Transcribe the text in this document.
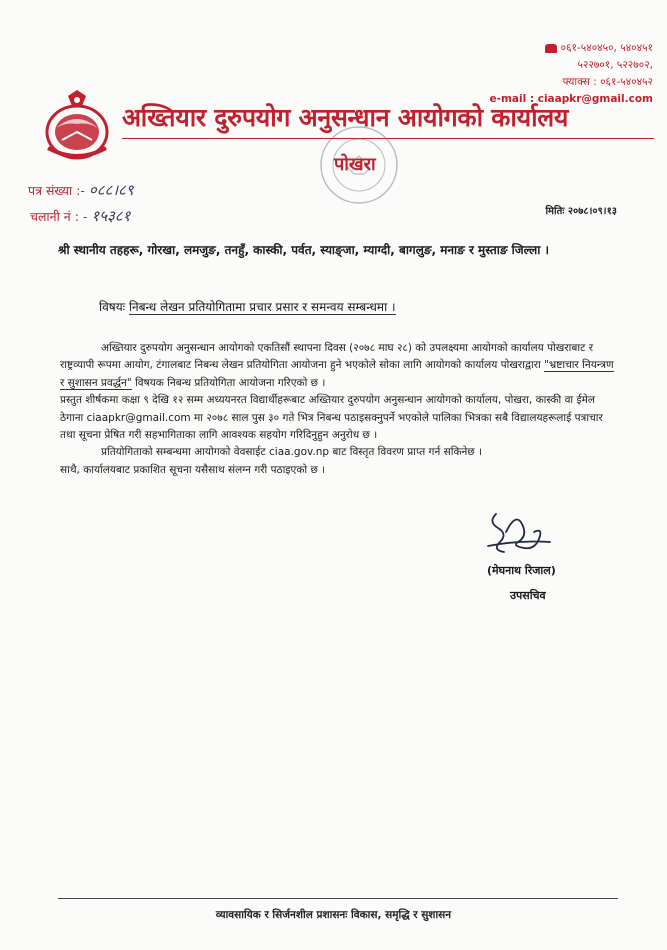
०६१-५४०४५०, ५४०४५१
५२२७०१, ५२२७०२,
फ्याक्स : ०६१-५४०४५२
e-mail : ciaapkr@gmail.com
अख्तियार दुरुपयोग अनुसन्धान आयोगको कार्यालय
पोखरा
पत्र संख्या :- ०८८।८९
चलानी नं : - १५३८१	मितिः २०७८।०९।१३
श्री स्थानीय तहहरू, गोरखा, लमजुङ, तनहुँ, कास्की, पर्वत, स्याङ्जा, म्याग्दी, बागलुङ, मनाङ र मुस्ताङ जिल्ला ।
विषयः निबन्ध लेखन प्रतियोगितामा प्रचार प्रसार र समन्वय सम्बन्धमा ।

अख्तियार दुरुपयोग अनुसन्धान आयोगको एकतिसौं स्थापना दिवस (२०७८ माघ २८) को उपलक्ष्यमा आयोगको कार्यालय पोखराबाट र राष्ट्रव्यापी रूपमा आयोग, टंगालबाट निबन्ध लेखन प्रतियोगिता आयोजना हुने भएकोले सोका लागि आयोगको कार्यालय पोखराद्वारा "भ्रष्टाचार नियन्त्रण र सुशासन प्रवर्द्धन" विषयक निबन्ध प्रतियोगिता आयोजना गरिएको छ ।

प्रस्तुत शीर्षकमा कक्षा ९ देखि १२ सम्म अध्ययनरत विद्यार्थीहरूबाट अख्तियार दुरुपयोग अनुसन्धान आयोगको कार्यालय, पोखरा, कास्की वा ईमेल ठेगाना ciaapkr@gmail.com मा २०७८ साल पुस ३० गते भित्र निबन्ध पठाइसक्नुपर्ने भएकोले पालिका भित्रका सबै विद्यालयहरूलाई पत्राचार तथा सूचना प्रेषित गरी सहभागिताका लागि आवश्यक सहयोग गरिदिनुहुन अनुरोध छ ।

प्रतियोगिताको सम्बन्धमा आयोगको वेवसाईट ciaa.gov.np बाट विस्तृत विवरण प्राप्त गर्न सकिनेछ ।

साथै, कार्यालयबाट प्रकाशित सूचना यसैसाथ संलग्न गरी पठाइएको छ ।

(मेघनाथ रिजाल)
उपसचिव
व्यावसायिक र सिर्जनशील प्रशासनः विकास, समृद्धि र सुशासन
